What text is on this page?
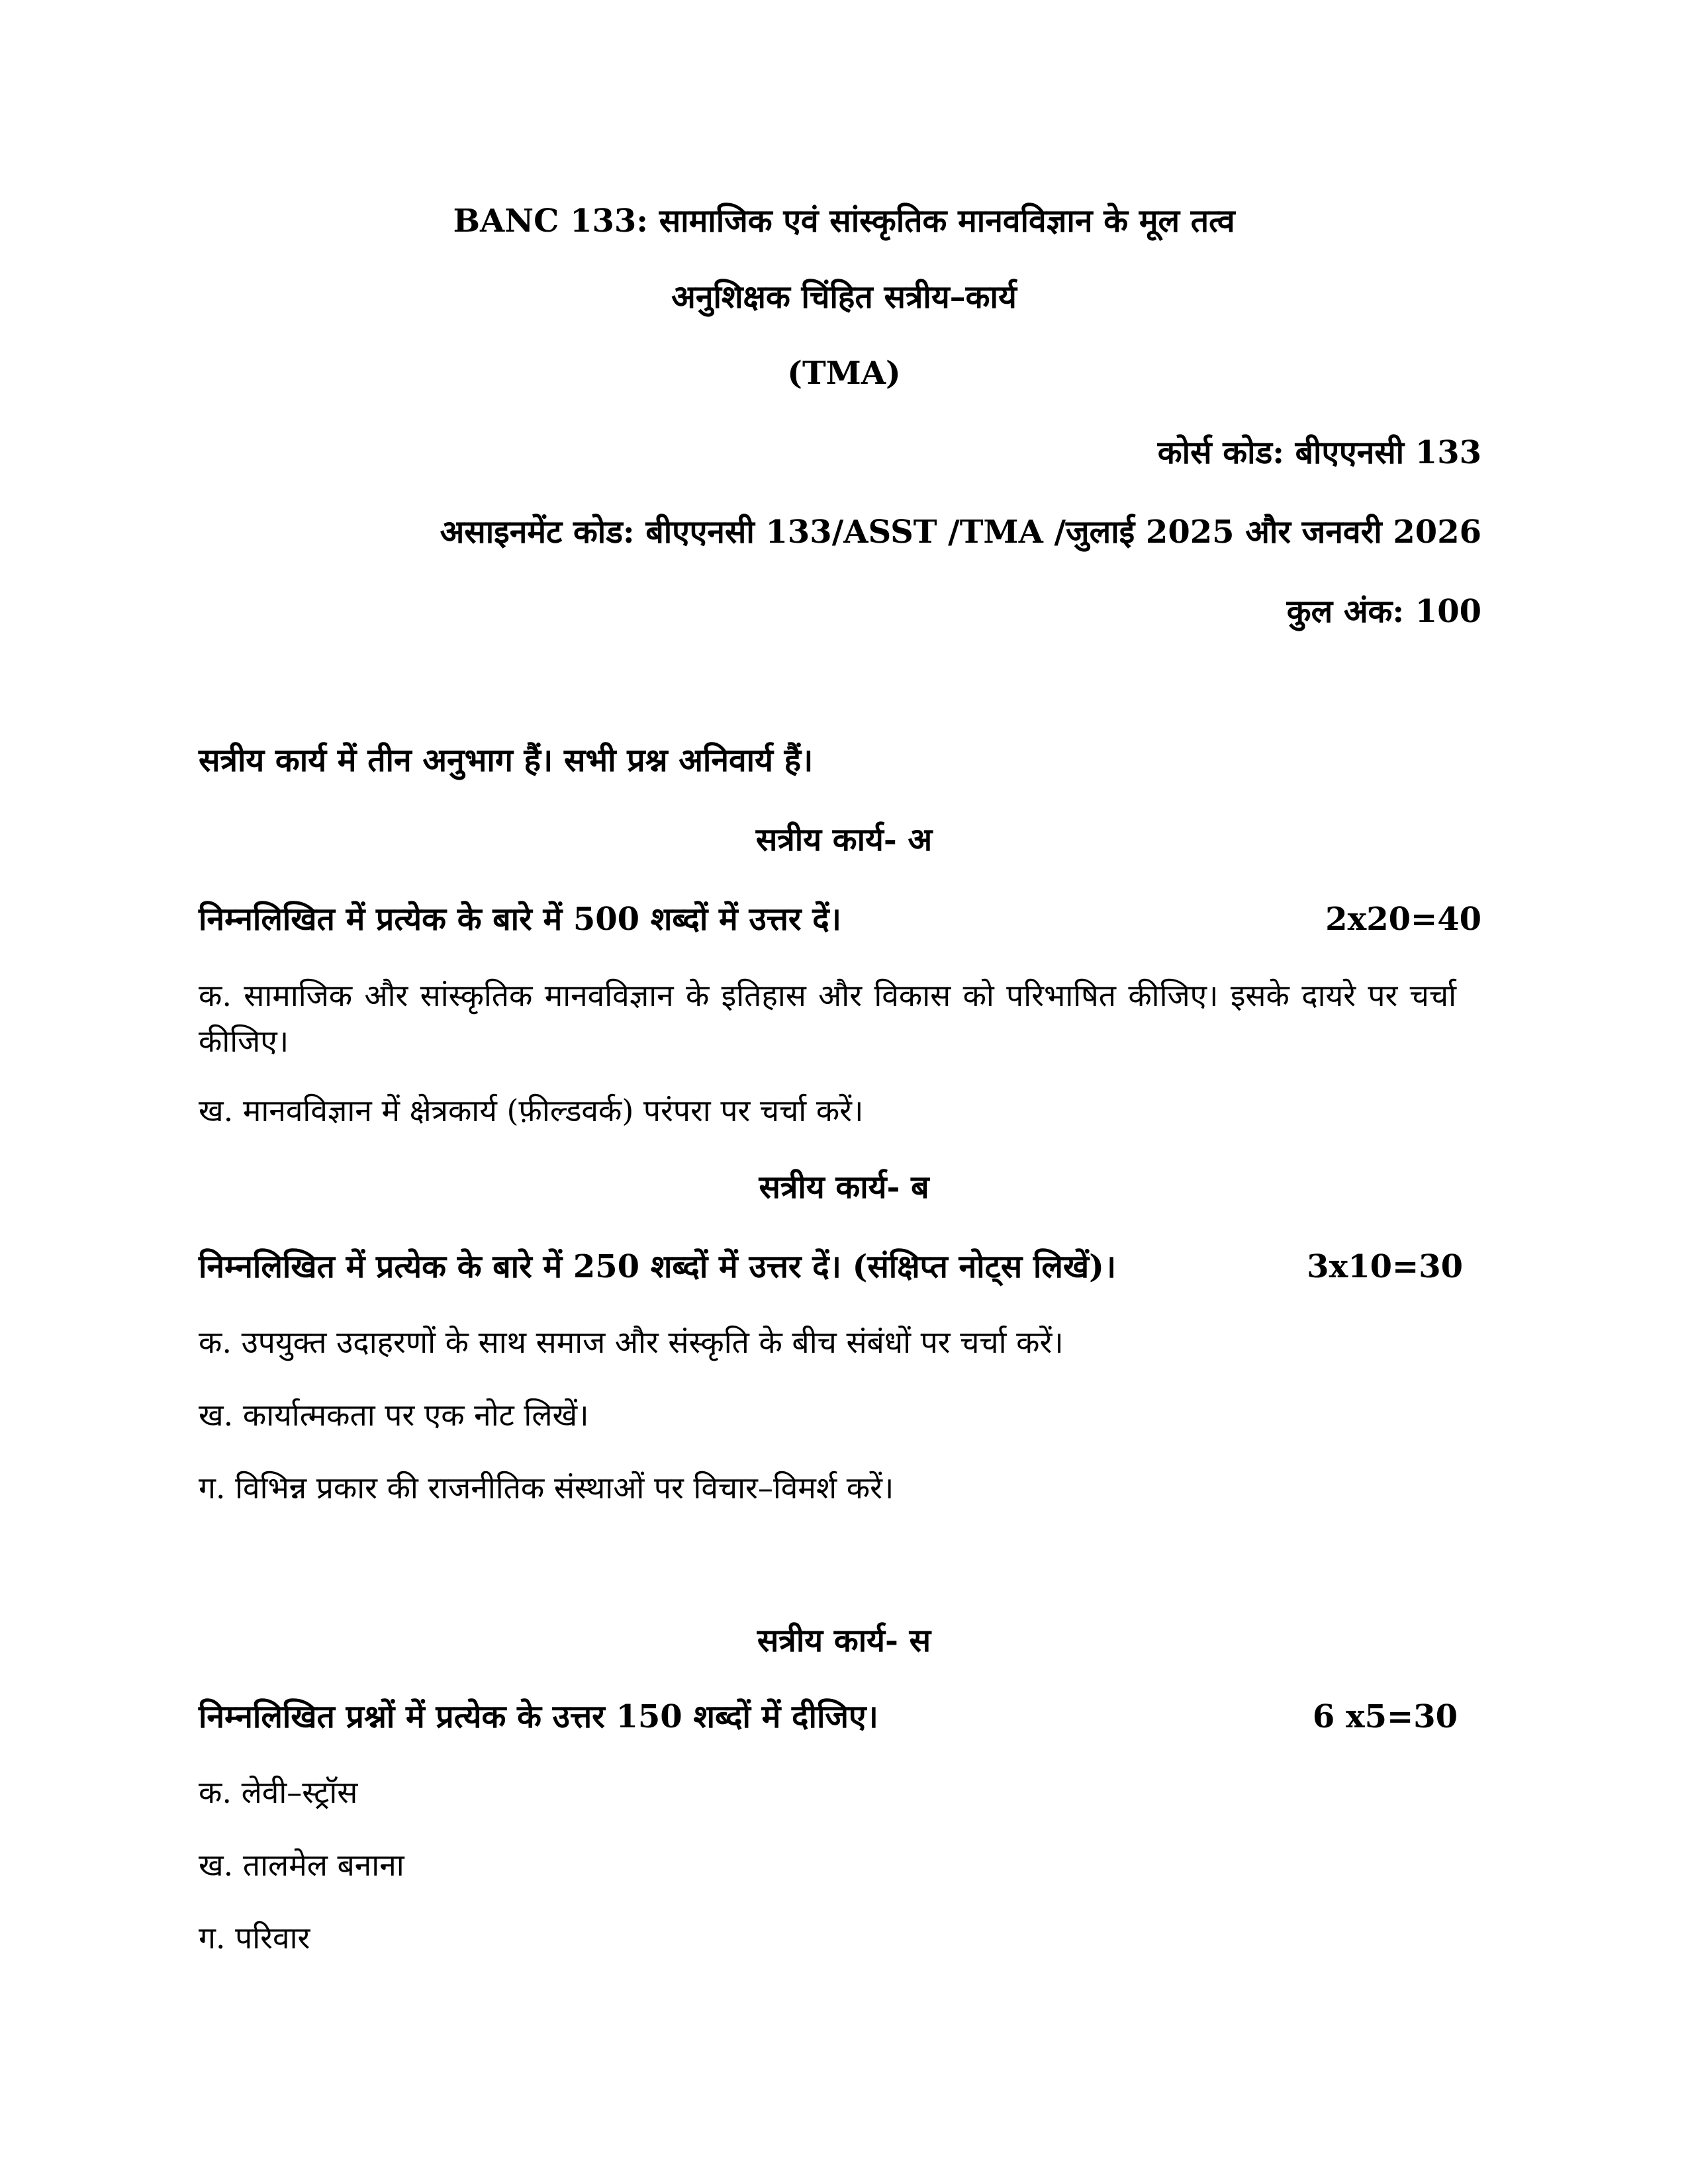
BANC 133: सामाजिक एवं सांस्कृतिक मानवविज्ञान के मूल तत्व
अनुशिक्षक चिंहित सत्रीय–कार्य
(TMA)
कोर्स कोड: बीएएनसी 133
असाइनमेंट कोड: बीएएनसी 133/ASST /TMA /जुलाई 2025 और जनवरी 2026
कुल अंक: 100
सत्रीय कार्य में तीन अनुभाग हैं। सभी प्रश्न अनिवार्य हैं।
सत्रीय कार्य- अ
निम्नलिखित में प्रत्येक के बारे में 500 शब्दों में उत्तर दें।	2x20=40
क. सामाजिक और सांस्कृतिक मानवविज्ञान के इतिहास और विकास को परिभाषित कीजिए। इसके दायरे पर चर्चा कीजिए।
ख. मानवविज्ञान में क्षेत्रकार्य (फ़ील्डवर्क) परंपरा पर चर्चा करें।
सत्रीय कार्य- ब
निम्नलिखित में प्रत्येक के बारे में 250 शब्दों में उत्तर दें। (संक्षिप्त नोट्स लिखें)।	3x10=30
क. उपयुक्त उदाहरणों के साथ समाज और संस्कृति के बीच संबंधों पर चर्चा करें।
ख. कार्यात्मकता पर एक नोट लिखें।
ग. विभिन्न प्रकार की राजनीतिक संस्थाओं पर विचार–विमर्श करें।
सत्रीय कार्य- स
निम्नलिखित प्रश्नों में प्रत्येक के उत्तर 150 शब्दों में दीजिए।	6 x5=30
क. लेवी–स्ट्रॉस
ख. तालमेल बनाना
ग. परिवार
